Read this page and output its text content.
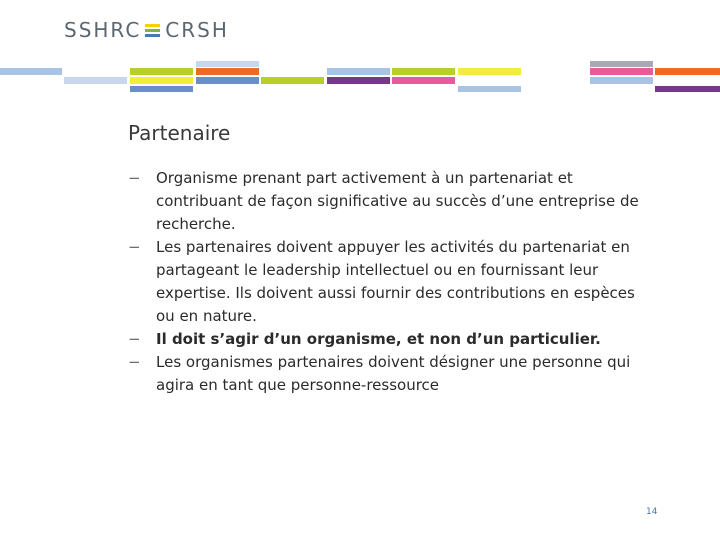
SSHRC CRSH
Partenaire
−	Organisme prenant part activement à un partenariat et contribuant de façon significative au succès d’une entreprise de recherche.
−	Les partenaires doivent appuyer les activités du partenariat en partageant le leadership intellectuel ou en fournissant leur expertise. Ils doivent aussi fournir des contributions en espèces ou en nature.
−	Il doit s’agir d’un organisme, et non d’un particulier.
−	Les organismes partenaires doivent désigner une personne qui agira en tant que personne-ressource
14
